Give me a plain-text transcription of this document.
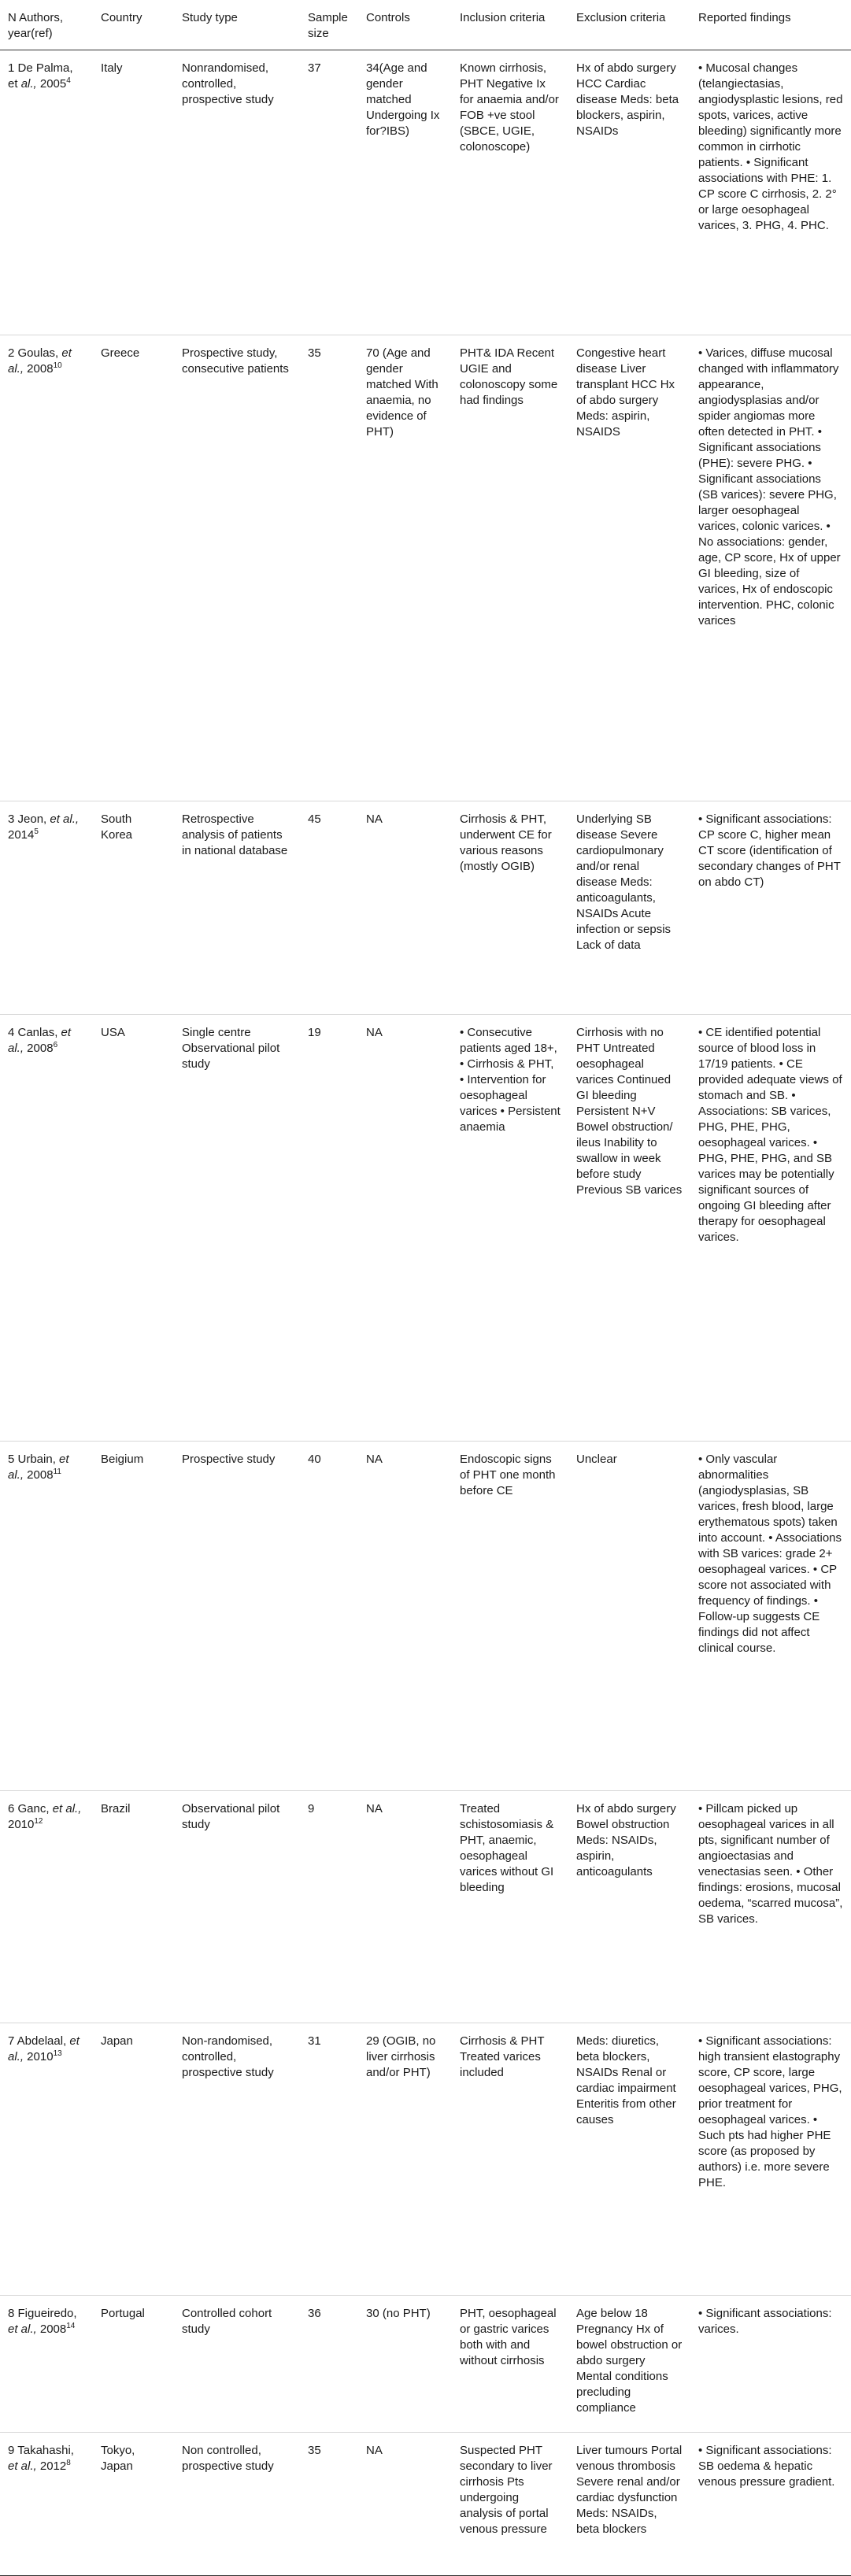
N Authors, year(ref)	Country	Study type	Sample size	Controls	Inclusion criteria	Exclusion criteria	Reported findings
1 De Palma, et al., 2005$^4$	Italy	Nonrandomised, controlled, prospective study	37	34(Age and gender matched Undergoing Ix for?IBS)	Known cirrhosis, PHT Negative Ix for anaemia and/or FOB +ve stool (SBCE, UGIE, colonoscope)	Hx of abdo surgery HCC Cardiac disease Meds: beta blockers, aspirin, NSAIDs	• Mucosal changes (telangiectasias, angiodysplastic lesions, red spots, varices, active bleeding) significantly more common in cirrhotic patients. • Significant associations with PHE: 1. CP score C cirrhosis, 2. 2° or large oesophageal varices, 3. PHG, 4. PHC.
2 Goulas, et al., 2008$^{10}$	Greece	Prospective study, consecutive patients	35	70 (Age and gender matched With anaemia, no evidence of PHT)	PHT& IDA Recent UGIE and colonoscopy some had findings	Congestive heart disease Liver transplant HCC Hx of abdo surgery Meds: aspirin, NSAIDS	• Varices, diffuse mucosal changed with inflammatory appearance, angiodysplasias and/or spider angiomas more often detected in PHT. • Significant associations (PHE): severe PHG. • Significant associations (SB varices): severe PHG, larger oesophageal varices, colonic varices. • No associations: gender, age, CP score, Hx of upper GI bleeding, size of varices, Hx of endoscopic intervention. PHC, colonic varices
3 Jeon, et al., 2014$^5$	South Korea	Retrospective analysis of patients in national database	45	NA	Cirrhosis & PHT, underwent CE for various reasons (mostly OGIB)	Underlying SB disease Severe cardiopulmonary and/or renal disease Meds: anticoagulants, NSAIDs Acute infection or sepsis Lack of data	• Significant associations: CP score C, higher mean CT score (identification of secondary changes of PHT on abdo CT)
4 Canlas, et al., 2008$^6$	USA	Single centre Observational pilot study	19	NA	• Consecutive patients aged 18+, • Cirrhosis & PHT, • Intervention for oesophageal varices • Persistent anaemia	Cirrhosis with no PHT Untreated oesophageal varices Continued GI bleeding Persistent N+V Bowel obstruction/ ileus Inability to swallow in week before study Previous SB varices	• CE identified potential source of blood loss in 17/19 patients. • CE provided adequate views of stomach and SB. • Associations: SB varices, PHG, PHE, PHG, oesophageal varices. • PHG, PHE, PHG, and SB varices may be potentially significant sources of ongoing GI bleeding after therapy for oesophageal varices.
5 Urbain, et al., 2008$^{11}$	Beigium	Prospective study	40	NA	Endoscopic signs of PHT one month before CE	Unclear	• Only vascular abnormalities (angiodysplasias, SB varices, fresh blood, large erythematous spots) taken into account. • Associations with SB varices: grade 2+ oesophageal varices. • CP score not associated with frequency of findings. • Follow-up suggests CE findings did not affect clinical course.
6 Ganc, et al., 2010$^{12}$	Brazil	Observational pilot study	9	NA	Treated schistosomiasis & PHT, anaemic, oesophageal varices without GI bleeding	Hx of abdo surgery Bowel obstruction Meds: NSAIDs, aspirin, anticoagulants	• Pillcam picked up oesophageal varices in all pts, significant number of angioectasias and venectasias seen. • Other findings: erosions, mucosal oedema, “scarred mucosa”, SB varices.
7 Abdelaal, et al., 2010$^{13}$	Japan	Non-randomised, controlled, prospective study	31	29 (OGIB, no liver cirrhosis and/or PHT)	Cirrhosis & PHT Treated varices included	Meds: diuretics, beta blockers, NSAIDs Renal or cardiac impairment Enteritis from other causes	• Significant associations: high transient elastography score, CP score, large oesophageal varices, PHG, prior treatment for oesophageal varices. • Such pts had higher PHE score (as proposed by authors) i.e. more severe PHE.
8 Figueiredo, et al., 2008$^{14}$	Portugal	Controlled cohort study	36	30 (no PHT)	PHT, oesophageal or gastric varices both with and without cirrhosis	Age below 18 Pregnancy Hx of bowel obstruction or abdo surgery Mental conditions precluding compliance	• Significant associations: varices.
9 Takahashi, et al., 2012$^8$	Tokyo, Japan	Non controlled, prospective study	35	NA	Suspected PHT secondary to liver cirrhosis Pts undergoing analysis of portal venous pressure	Liver tumours Portal venous thrombosis Severe renal and/or cardiac dysfunction Meds: NSAIDs, beta blockers	• Significant associations: SB oedema & hepatic venous pressure gradient.
